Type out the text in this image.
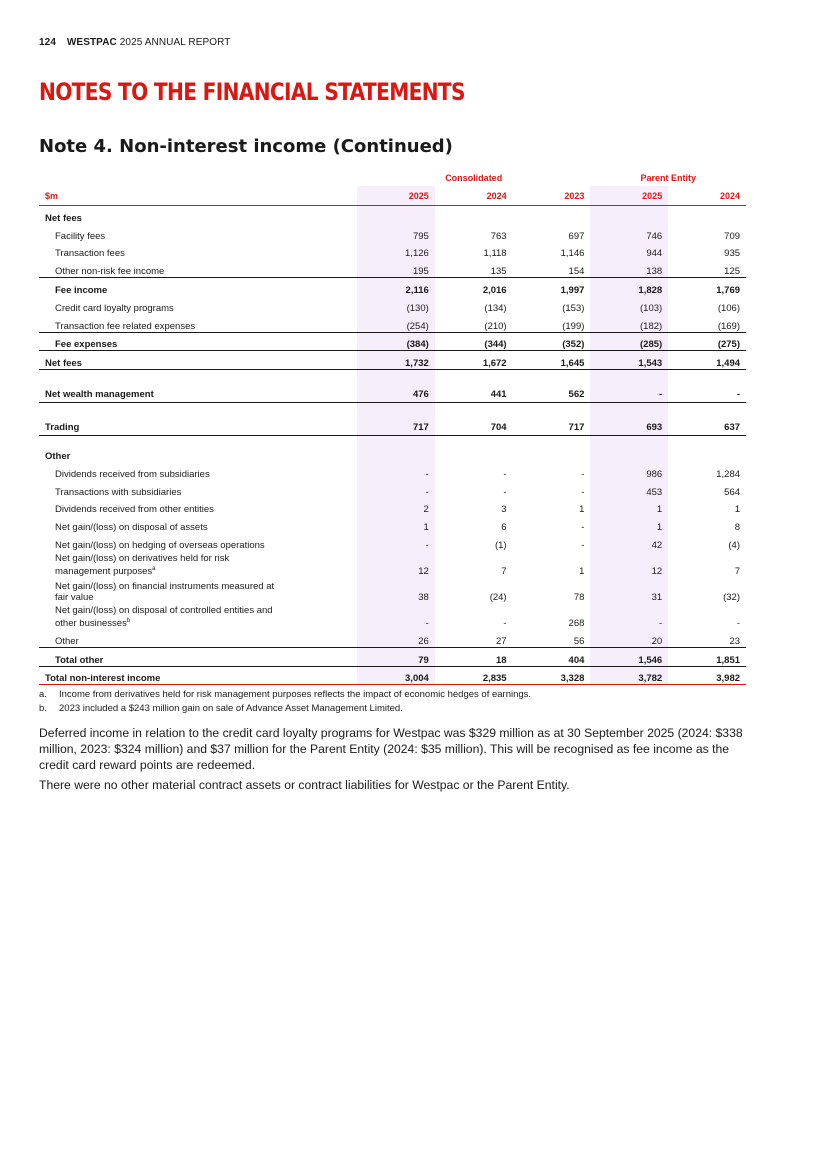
124 WESTPAC 2025 ANNUAL REPORT
NOTES TO THE FINANCIAL STATEMENTS
Note 4. Non-interest income (Continued)
	Consolidated			Parent Entity	
$m	2025	2024	2023	2025	2024
Net fees					
Facility fees	795	763	697	746	709
Transaction fees	1,126	1,118	1,146	944	935
Other non-risk fee income	195	135	154	138	125
Fee income	2,116	2,016	1,997	1,828	1,769
Credit card loyalty programs	(130)	(134)	(153)	(103)	(106)
Transaction fee related expenses	(254)	(210)	(199)	(182)	(169)
Fee expenses	(384)	(344)	(352)	(285)	(275)
Net fees	1,732	1,672	1,645	1,543	1,494

Net wealth management	476	441	562	-	-

Trading	717	704	717	693	637

Other					
Dividends received from subsidiaries	-	-	-	986	1,284
Transactions with subsidiaries	-	-	-	453	564
Dividends received from other entities	2	3	1	1	1
Net gain/(loss) on disposal of assets	1	6	-	1	8
Net gain/(loss) on hedging of overseas operations	-	(1)	-	42	(4)
Net gain/(loss) on derivatives held for risk
management purposes$^a$	12	7	1	12	7
Net gain/(loss) on financial instruments measured at
fair value	38	(24)	78	31	(32)
Net gain/(loss) on disposal of controlled entities and
other businesses$^b$	-	-	268	-	-
Other	26	27	56	20	23
Total other	79	18	404	1,546	1,851
Total non-interest income	3,004	2,835	3,328	3,782	3,982
a. Income from derivatives held for risk management purposes reflects the impact of economic hedges of earnings.
b. 2023 included a $243 million gain on sale of Advance Asset Management Limited.
Deferred income in relation to the credit card loyalty programs for Westpac was $329 million as at 30 September 2025 (2024: $338 million, 2023: $324 million) and $37 million for the Parent Entity (2024: $35 million). This will be recognised as fee income as the credit card reward points are redeemed.
There were no other material contract assets or contract liabilities for Westpac or the Parent Entity.
